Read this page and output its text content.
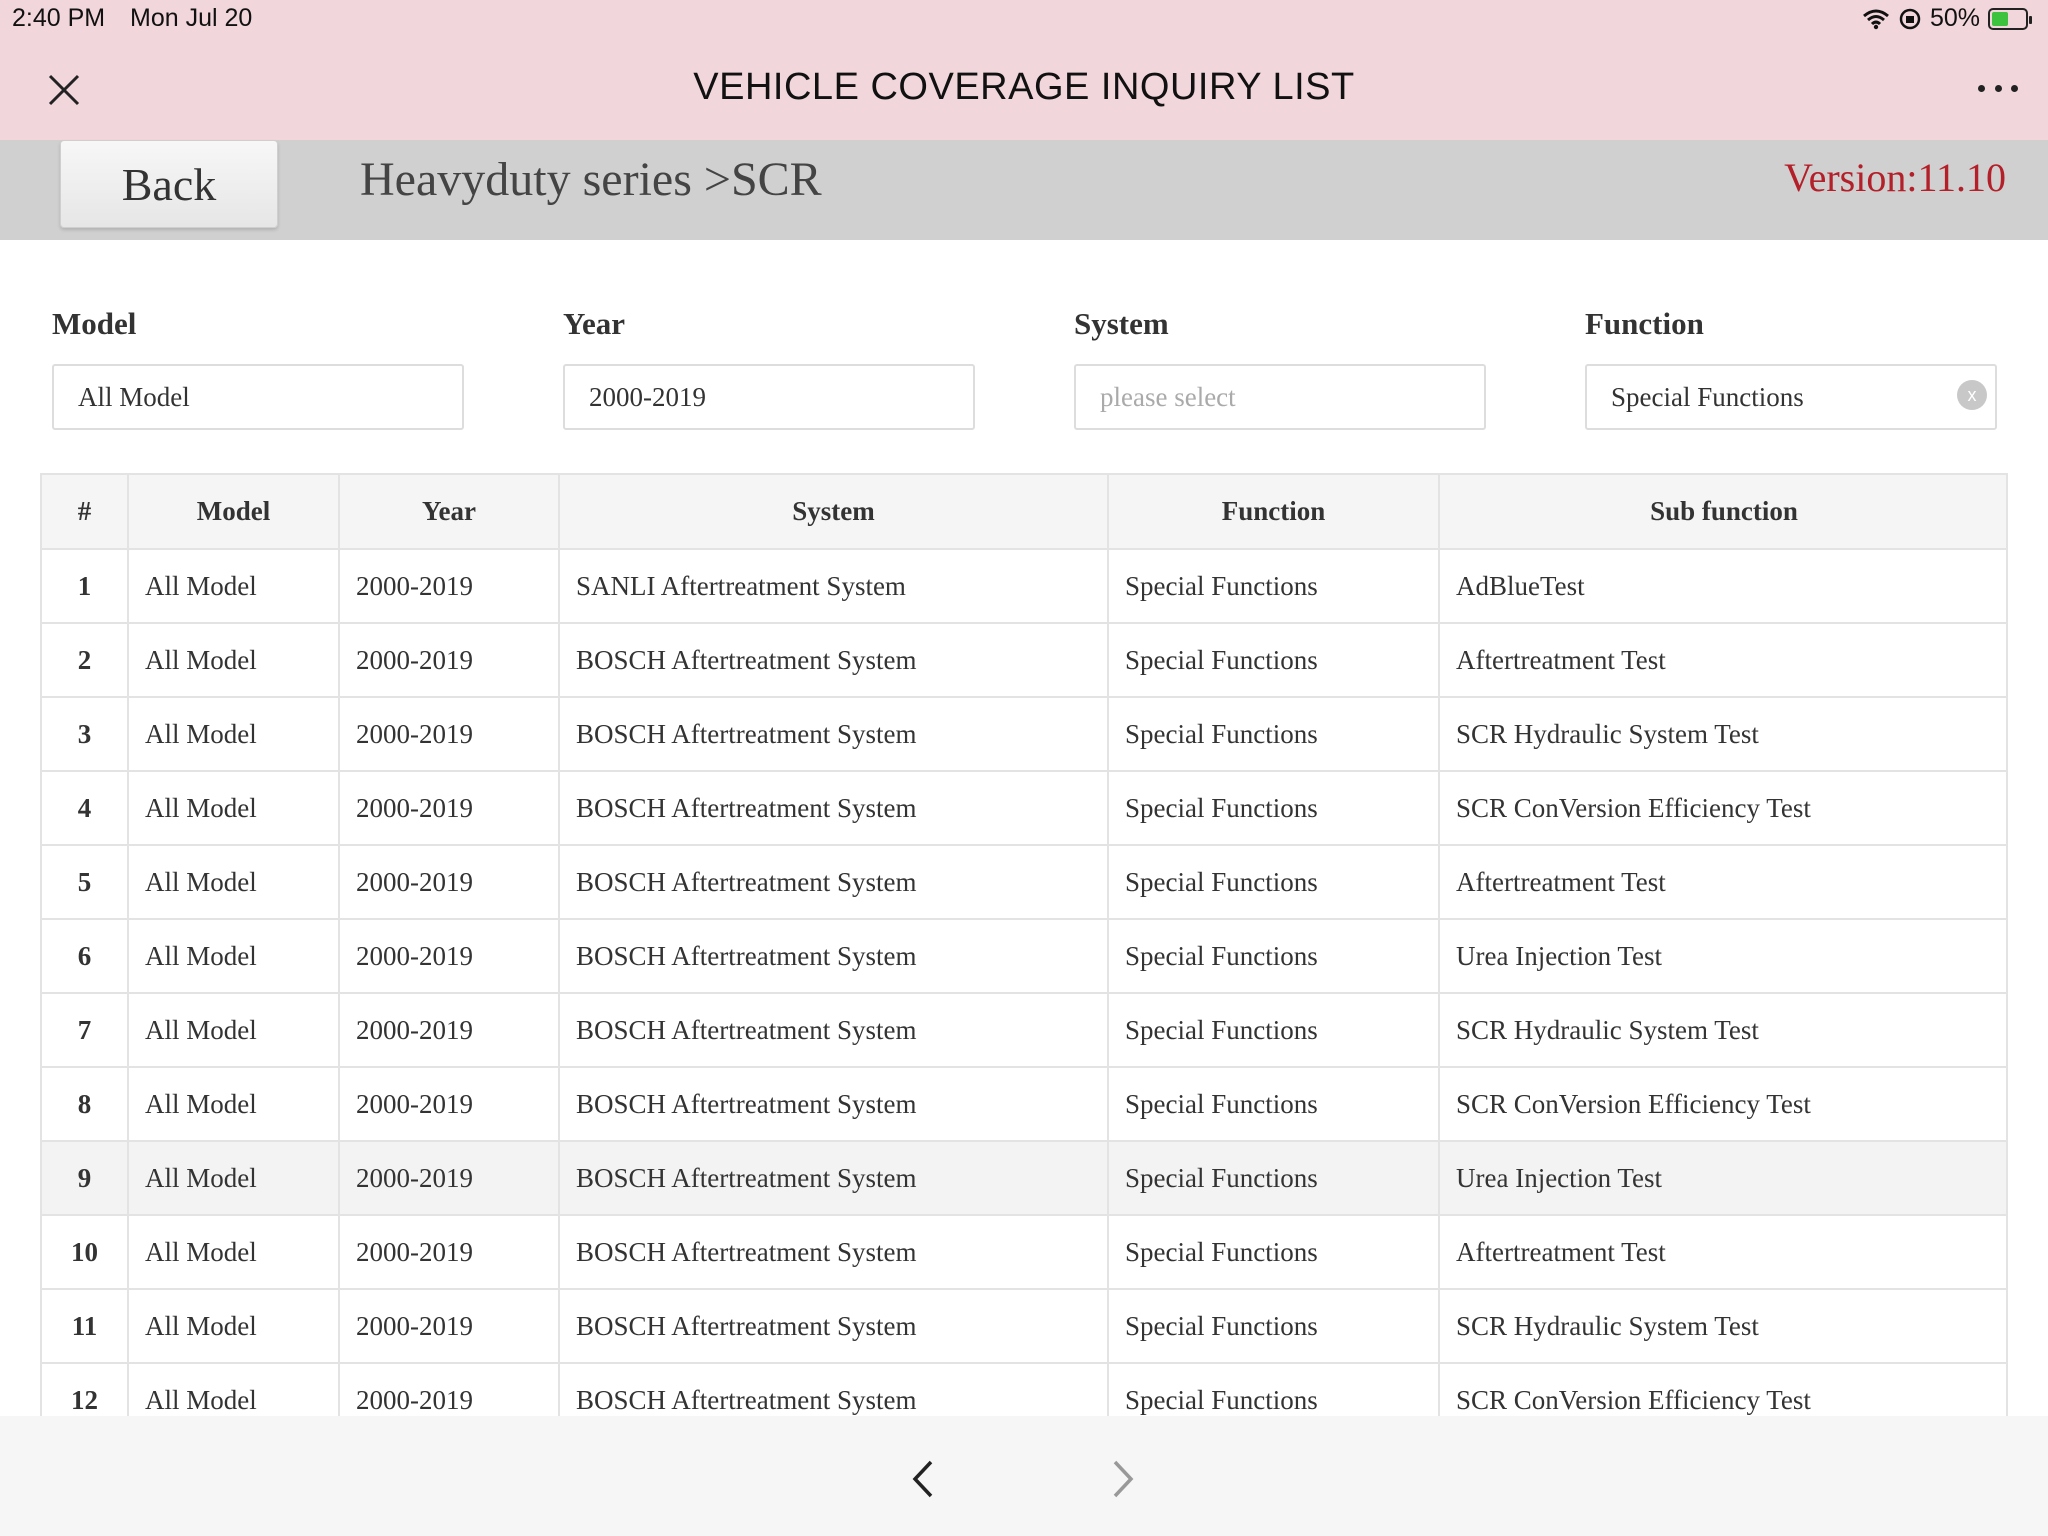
2:40 PM Mon Jul 20	50%
VEHICLE COVERAGE INQUIRY LIST
Back	Heavyduty series >SCR	Version:11.10
Model
All Model
Year
2000-2019
System
please select
Function
Special Functions	x
#	Model	Year	System	Function	Sub function
1	All Model	2000-2019	SANLI Aftertreatment System	Special Functions	AdBlueTest
2	All Model	2000-2019	BOSCH Aftertreatment System	Special Functions	Aftertreatment Test
3	All Model	2000-2019	BOSCH Aftertreatment System	Special Functions	SCR Hydraulic System Test
4	All Model	2000-2019	BOSCH Aftertreatment System	Special Functions	SCR ConVersion Efficiency Test
5	All Model	2000-2019	BOSCH Aftertreatment System	Special Functions	Aftertreatment Test
6	All Model	2000-2019	BOSCH Aftertreatment System	Special Functions	Urea Injection Test
7	All Model	2000-2019	BOSCH Aftertreatment System	Special Functions	SCR Hydraulic System Test
8	All Model	2000-2019	BOSCH Aftertreatment System	Special Functions	SCR ConVersion Efficiency Test
9	All Model	2000-2019	BOSCH Aftertreatment System	Special Functions	Urea Injection Test
10	All Model	2000-2019	BOSCH Aftertreatment System	Special Functions	Aftertreatment Test
11	All Model	2000-2019	BOSCH Aftertreatment System	Special Functions	SCR Hydraulic System Test
12	All Model	2000-2019	BOSCH Aftertreatment System	Special Functions	SCR ConVersion Efficiency Test
